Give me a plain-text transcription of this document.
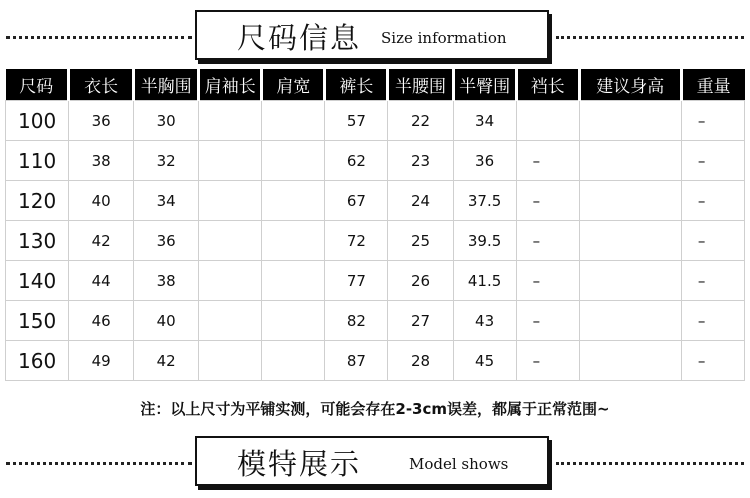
尺码信息 Size information
尺码	衣长	半胸围	肩袖长	肩宽	裤长	半腰围	半臀围	裆长	建议身高	重量
100	36	30			57	22	34			–
110	38	32			62	23	36	–		–
120	40	34			67	24	37.5	–		–
130	42	36			72	25	39.5	–		–
140	44	38			77	26	41.5	–		–
150	46	40			82	27	43	–		–
160	49	42			87	28	45	–		–
注：以上尺寸为平铺实测，可能会存在2-3cm误差，都属于正常范围~
模特展示	Model shows
